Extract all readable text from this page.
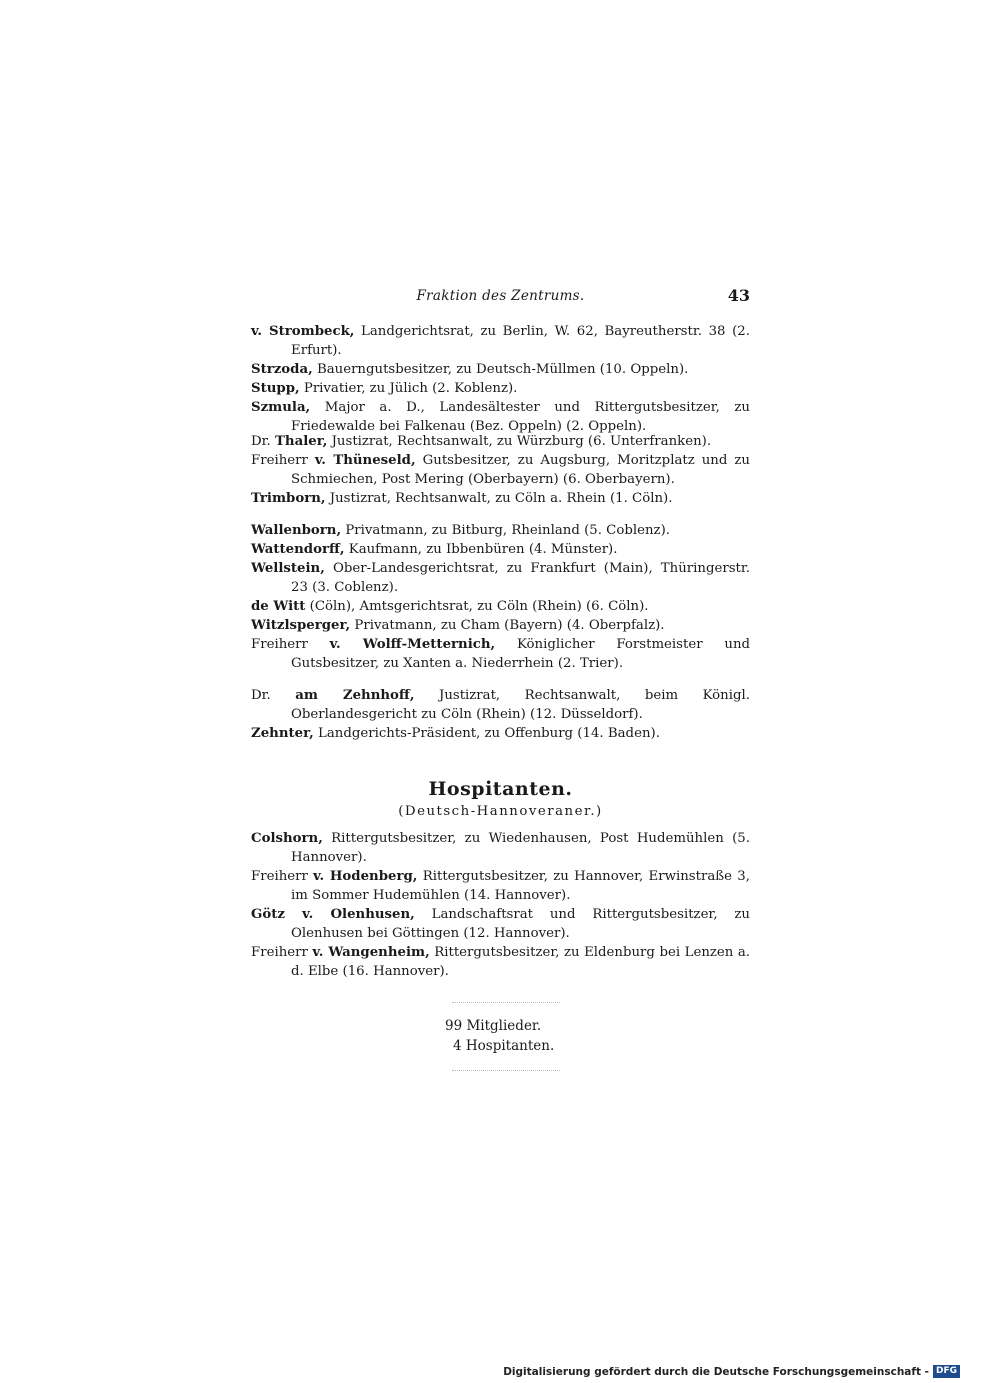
Fraktion des Zentrums.	43
v. Strombeck, Landgerichtsrat, zu Berlin, W. 62, Bayreutherstr. 38 (2. Erfurt).
Strzoda, Bauerngutsbesitzer, zu Deutsch-Müllmen (10. Oppeln).
Stupp, Privatier, zu Jülich (2. Koblenz).
Szmula, Major a. D., Landesältester und Rittergutsbesitzer, zu Friedewalde bei Falkenau (Bez. Oppeln) (2. Oppeln).
Dr. Thaler, Justizrat, Rechtsanwalt, zu Würzburg (6. Unterfranken).
Freiherr v. Thüneseld, Gutsbesitzer, zu Augsburg, Moritzplatz und zu Schmiechen, Post Mering (Oberbayern) (6. Oberbayern).
Trimborn, Justizrat, Rechtsanwalt, zu Cöln a. Rhein (1. Cöln).
Wallenborn, Privatmann, zu Bitburg, Rheinland (5. Coblenz).
Wattendorff, Kaufmann, zu Ibbenbüren (4. Münster).
Wellstein, Ober-Landesgerichtsrat, zu Frankfurt (Main), Thüringerstr. 23 (3. Coblenz).
de Witt (Cöln), Amtsgerichtsrat, zu Cöln (Rhein) (6. Cöln).
Witzlsperger, Privatmann, zu Cham (Bayern) (4. Oberpfalz).
Freiherr v. Wolff-Metternich, Königlicher Forstmeister und Gutsbesitzer, zu Xanten a. Niederrhein (2. Trier).
Dr. am Zehnhoff, Justizrat, Rechtsanwalt, beim Königl. Oberlandesgericht zu Cöln (Rhein) (12. Düsseldorf).
Zehnter, Landgerichts-Präsident, zu Offenburg (14. Baden).
Hospitanten.
(Deutsch-Hannoveraner.)
Colshorn, Rittergutsbesitzer, zu Wiedenhausen, Post Hudemühlen (5. Hannover).
Freiherr v. Hodenberg, Rittergutsbesitzer, zu Hannover, Erwinstraße 3, im Sommer Hudemühlen (14. Hannover).
Götz v. Olenhusen, Landschaftsrat und Rittergutsbesitzer, zu Olenhusen bei Göttingen (12. Hannover).
Freiherr v. Wangenheim, Rittergutsbesitzer, zu Eldenburg bei Lenzen a. d. Elbe (16. Hannover).
99 Mitglieder.
4 Hospitanten.
Digitalisierung gefördert durch die Deutsche Forschungsgemeinschaft - DFG
